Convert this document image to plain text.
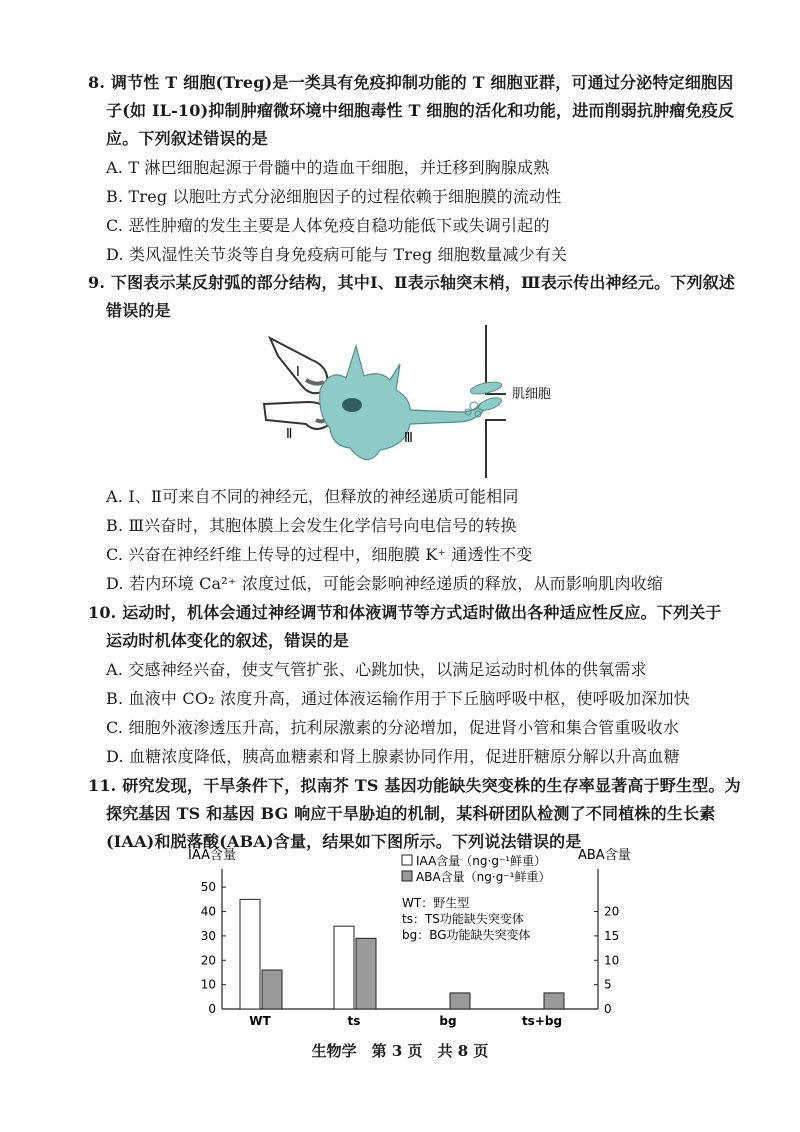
8. 调节性 T 细胞(Treg)是一类具有免疫抑制功能的 T 细胞亚群，可通过分泌特定细胞因
子(如 IL-10)抑制肿瘤微环境中细胞毒性 T 细胞的活化和功能，进而削弱抗肿瘤免疫反
应。下列叙述错误的是
A. T 淋巴细胞起源于骨髓中的造血干细胞，并迁移到胸腺成熟
B. Treg 以胞吐方式分泌细胞因子的过程依赖于细胞膜的流动性
C. 恶性肿瘤的发生主要是人体免疫自稳功能低下或失调引起的
D. 类风湿性关节炎等自身免疫病可能与 Treg 细胞数量减少有关
9. 下图表示某反射弧的部分结构，其中Ⅰ、Ⅱ表示轴突末梢，Ⅲ表示传出神经元。下列叙述
错误的是
Ⅰ
Ⅱ	Ⅲ
肌细胞
A. Ⅰ、Ⅱ可来自不同的神经元，但释放的神经递质可能相同
B. Ⅲ兴奋时，其胞体膜上会发生化学信号向电信号的转换
C. 兴奋在神经纤维上传导的过程中，细胞膜 K⁺ 通透性不变
D. 若内环境 Ca²⁺ 浓度过低，可能会影响神经递质的释放，从而影响肌肉收缩
10. 运动时，机体会通过神经调节和体液调节等方式适时做出各种适应性反应。下列关于
运动时机体变化的叙述，错误的是
A. 交感神经兴奋，使支气管扩张、心跳加快，以满足运动时机体的供氧需求
B. 血液中 CO₂ 浓度升高，通过体液运输作用于下丘脑呼吸中枢，使呼吸加深加快
C. 细胞外液渗透压升高，抗利尿激素的分泌增加，促进肾小管和集合管重吸收水
D. 血糖浓度降低，胰高血糖素和肾上腺素协同作用，促进肝糖原分解以升高血糖
11. 研究发现，干旱条件下，拟南芥 TS 基因功能缺失突变株的生存率显著高于野生型。为
探究基因 TS 和基因 BG 响应干旱胁迫的机制，某科研团队检测了不同植株的生长素
(IAA)和脱落酸(ABA)含量，结果如下图所示。下列说法错误的是
IAA含量	ABA含量
0
10
20
30
40
50
0
5
10
15
20
WT	ts	bg	ts+bg
IAA含量（ng·g⁻¹鲜重）
ABA含量（ng·g⁻¹鲜重）
WT：野生型
ts：TS功能缺失突变体
bg：BG功能缺失突变体
生物学　第 3 页　共 8 页
